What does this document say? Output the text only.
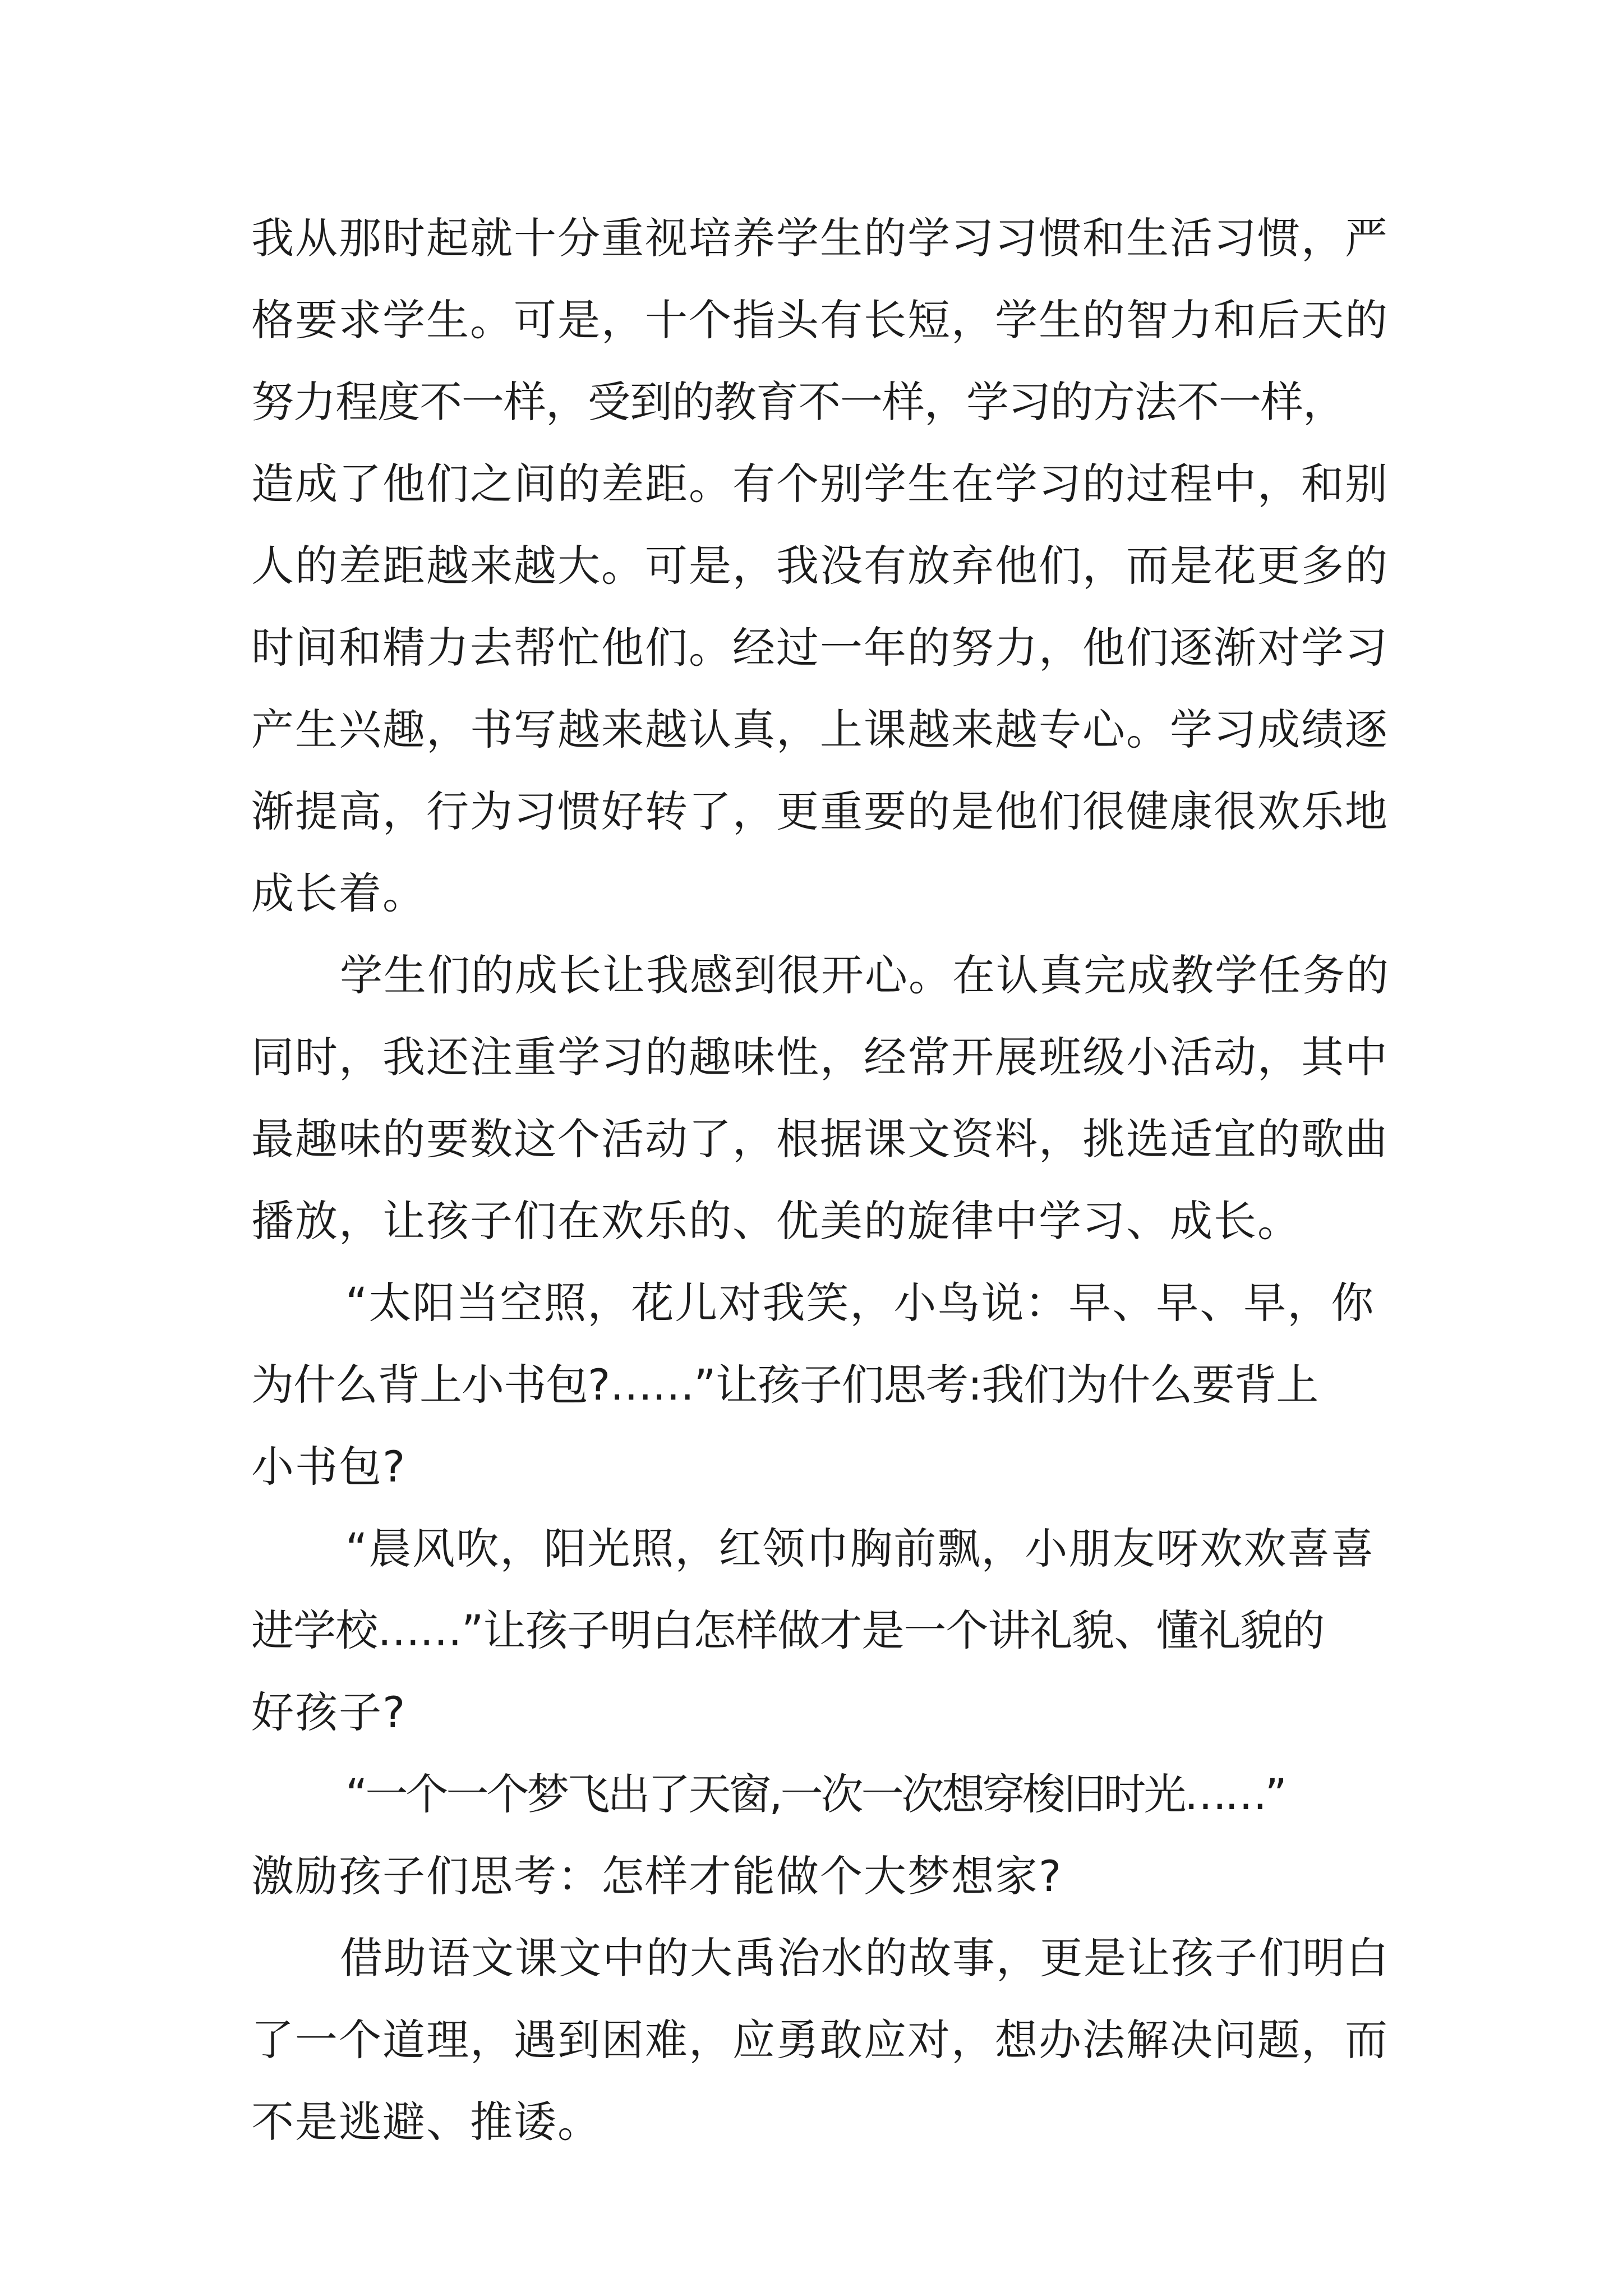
我从那时起就十分重视培养学生的学习习惯和生活习惯，严
格要求学生。可是，十个指头有长短，学生的智力和后天的
努力程度不一样，受到的教育不一样，学习的方法不一样，
造成了他们之间的差距。有个别学生在学习的过程中，和别
人的差距越来越大。可是，我没有放弃他们，而是花更多的
时间和精力去帮忙他们。经过一年的努力，他们逐渐对学习
产生兴趣，书写越来越认真，上课越来越专心。学习成绩逐
渐提高，行为习惯好转了，更重要的是他们很健康很欢乐地
成长着。
学生们的成长让我感到很开心。在认真完成教学任务的
同时，我还注重学习的趣味性，经常开展班级小活动，其中
最趣味的要数这个活动了，根据课文资料，挑选适宜的歌曲
播放，让孩子们在欢乐的、优美的旋律中学习、成长。
“太阳当空照，花儿对我笑，小鸟说：早、早、早，你
为什么背上小书包?……”让孩子们思考:我们为什么要背上
小书包?
“晨风吹，阳光照，红领巾胸前飘，小朋友呀欢欢喜喜
进学校……”让孩子明白怎样做才是一个讲礼貌、懂礼貌的
好孩子?
“一个一个梦飞出了天窗,一次一次想穿梭旧时光……”
激励孩子们思考：怎样才能做个大梦想家?
借助语文课文中的大禹治水的故事，更是让孩子们明白
了一个道理，遇到困难，应勇敢应对，想办法解决问题，而
不是逃避、推诿。
